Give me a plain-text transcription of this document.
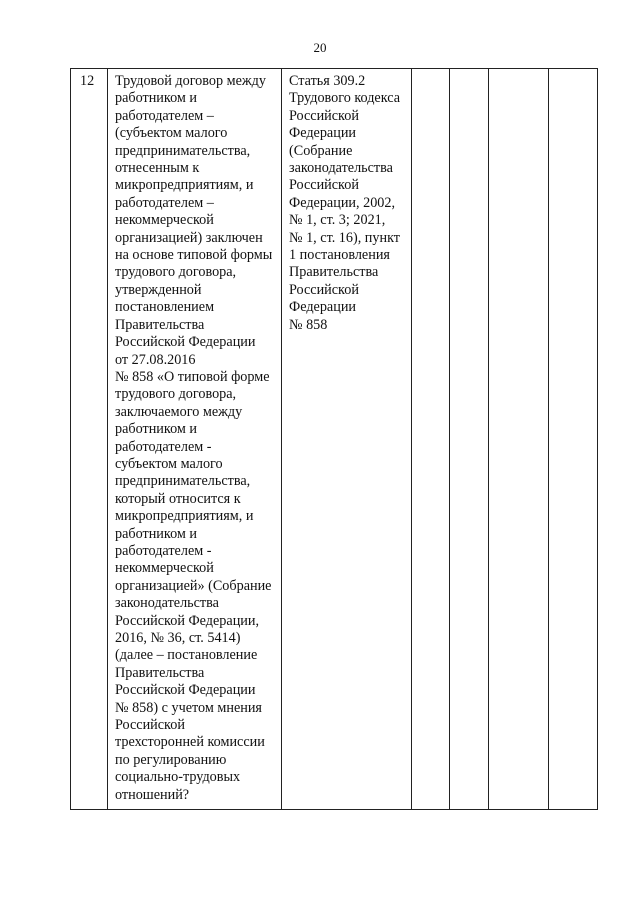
20
12	Трудовой договор между
работником и
работодателем –
(субъектом малого
предпринимательства,
отнесенным к
микропредприятиям, и
работодателем –
некоммерческой
организацией) заключен
на основе типовой формы
трудового договора,
утвержденной
постановлением
Правительства
Российской Федерации
от 27.08.2016
№ 858 «О типовой форме
трудового договора,
заключаемого между
работником и
работодателем -
субъектом малого
предпринимательства,
который относится к
микропредприятиям, и
работником и
работодателем -
некоммерческой
организацией» (Собрание
законодательства
Российской Федерации,
2016, № 36, ст. 5414)
(далее – постановление
Правительства
Российской Федерации
№ 858) с учетом мнения
Российской
трехсторонней комиссии
по регулированию
социально-трудовых
отношений?
Статья 309.2
Трудового кодекса
Российской
Федерации
(Собрание
законодательства
Российской
Федерации, 2002,
№ 1, ст. 3; 2021,
№ 1, ст. 16), пункт
1 постановления
Правительства
Российской
Федерации
№ 858
